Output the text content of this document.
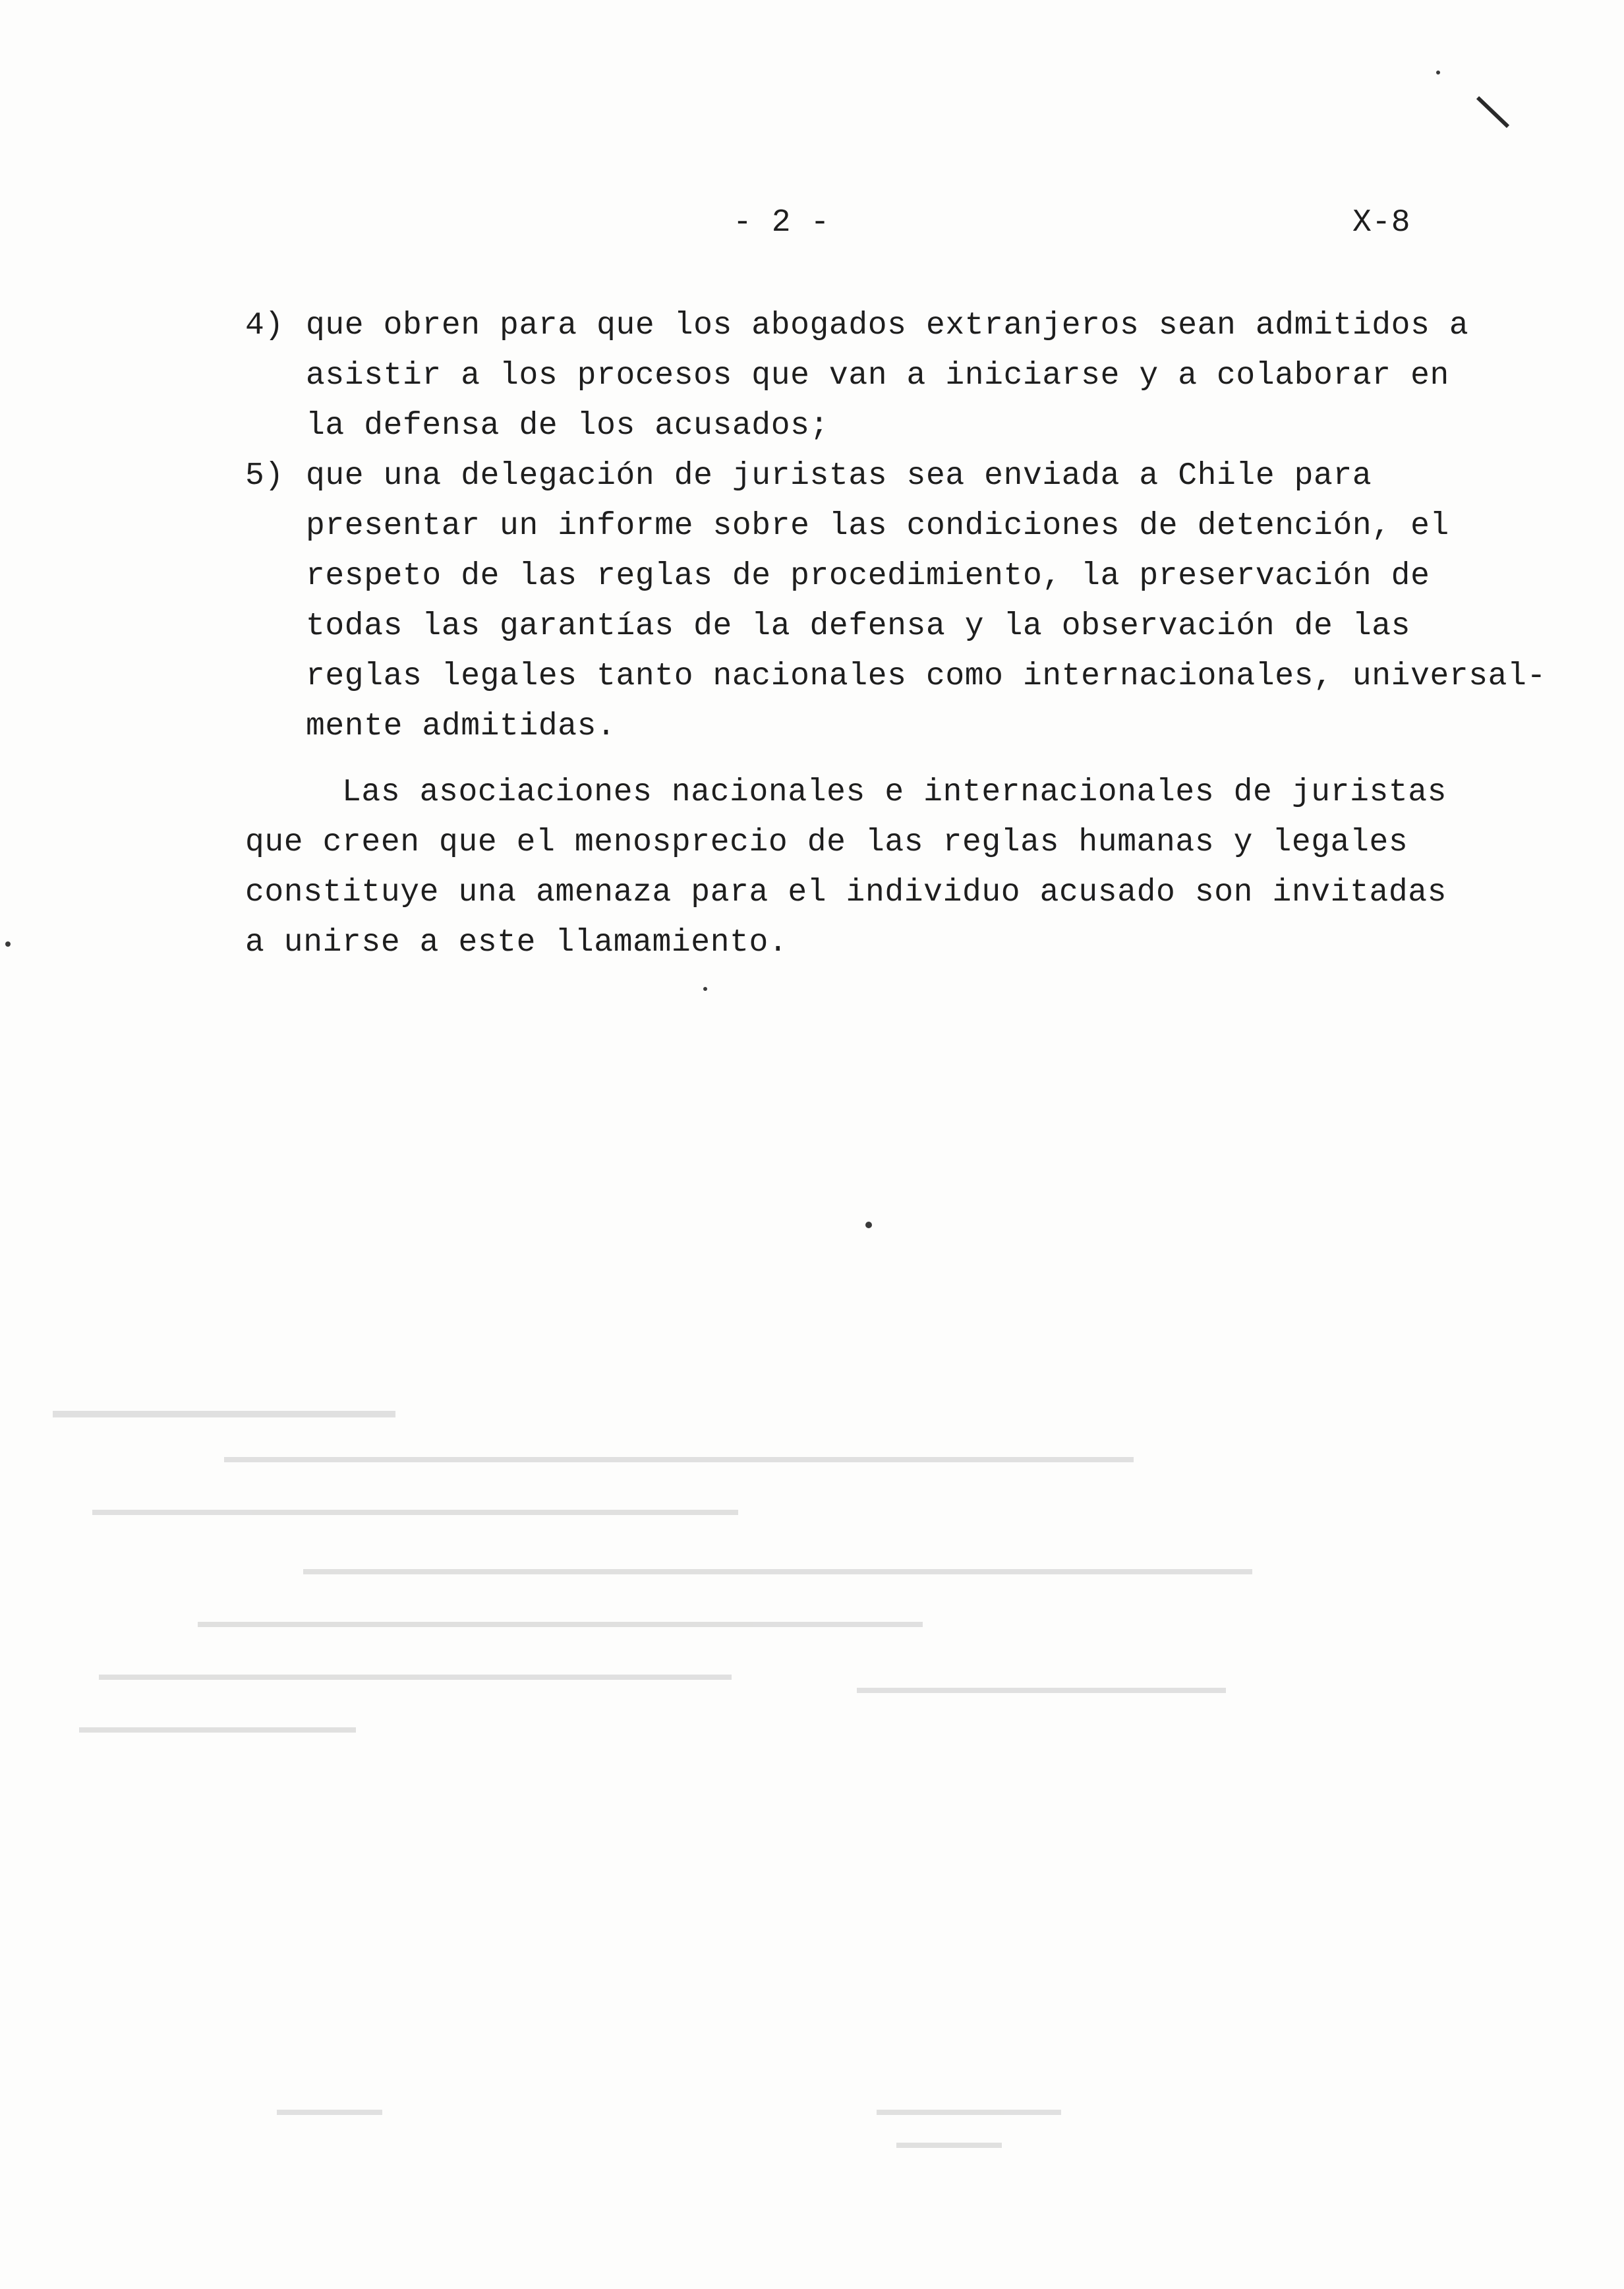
- 2 -	X-8
4) que obren para que los abogados extranjeros sean admitidos a
asistir a los procesos que van a iniciarse y a colaborar en
la defensa de los acusados;
5) que una delegación de juristas sea enviada a Chile para
presentar un informe sobre las condiciones de detención, el
respeto de las reglas de procedimiento, la preservación de
todas las garantías de la defensa y la observación de las
reglas legales tanto nacionales como internacionales, universal-
mente admitidas.
Las asociaciones nacionales e internacionales de juristas
que creen que el menosprecio de las reglas humanas y legales
constituye una amenaza para el individuo acusado son invitadas
a unirse a este llamamiento.
